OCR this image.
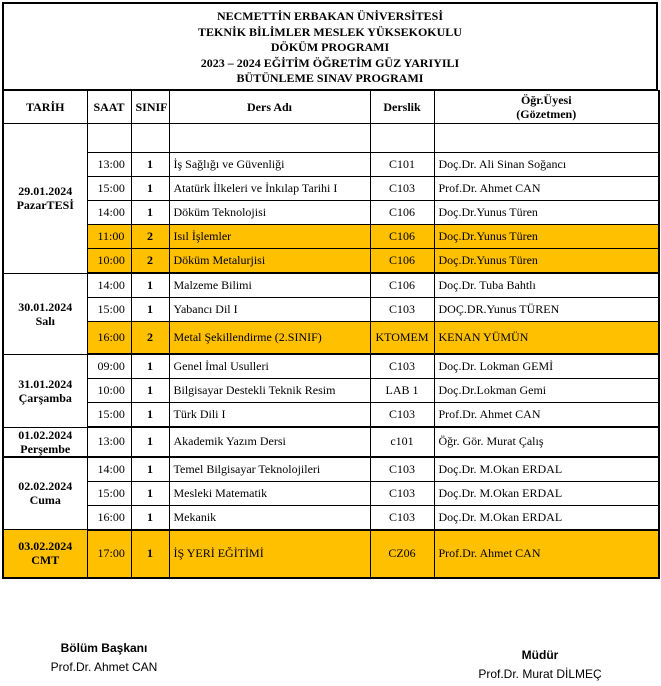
NECMETTİN ERBAKAN ÜNİVERSİTESİ
TEKNİK BİLİMLER MESLEK YÜKSEKOKULU
DÖKÜM PROGRAMI
2023 – 2024 EĞİTİM ÖĞRETİM GÜZ YARIYILI
BÜTÜNLEME SINAV PROGRAMI
TARİH	SAAT	SINIF	Ders Adı	Derslik	Öğr.Üyesi
(Gözetmen)

29.01.2024
PazarTESİ					

	13:00	1	İş Sağlığı ve Güvenliği	C101	Doç.Dr. Ali Sinan Soğancı
	15:00	1	Atatürk İlkeleri ve İnkılap Tarihi I	C103	Prof.Dr. Ahmet CAN
	14:00	1	Döküm Teknolojisi	C106	Doç.Dr.Yunus Türen
	11:00	2	Isıl İşlemler	C106	Doç.Dr.Yunus Türen
	10:00	2	Döküm Metalurjisi	C106	Doç.Dr.Yunus Türen

30.01.2024
Salı	14:00	1	Malzeme Bilimi	C106	Doç.Dr. Tuba Bahtlı
	15:00	1	Yabancı Dil I	C103	DOÇ.DR.Yunus TÜREN
	16:00	2	Metal Şekillendirme (2.SINIF)	KTOMEM	KENAN YÜMÜN

31.01.2024
Çarşamba	09:00	1	Genel İmal Usulleri	C103	Doç.Dr. Lokman GEMİ
	10:00	1	Bilgisayar Destekli Teknik Resim	LAB 1	Doç.Dr.Lokman Gemi
	15:00	1	Türk Dili I	C103	Prof.Dr. Ahmet CAN

01.02.2024
Perşembe	13:00	1	Akademik Yazım Dersi	c101	Öğr. Gör. Murat Çalış

02.02.2024
Cuma	14:00	1	Temel Bilgisayar Teknolojileri	C103	Doç.Dr. M.Okan ERDAL
	15:00	1	Mesleki Matematik	C103	Doç.Dr. M.Okan ERDAL
	16:00	1	Mekanik	C103	Doç.Dr. M.Okan ERDAL

03.02.2024
CMT	17:00	1	İŞ YERİ EĞİTİMİ	CZ06	Prof.Dr. Ahmet CAN
Bölüm Başkanı
Prof.Dr. Ahmet CAN
Müdür
Prof.Dr. Murat DİLMEÇ
